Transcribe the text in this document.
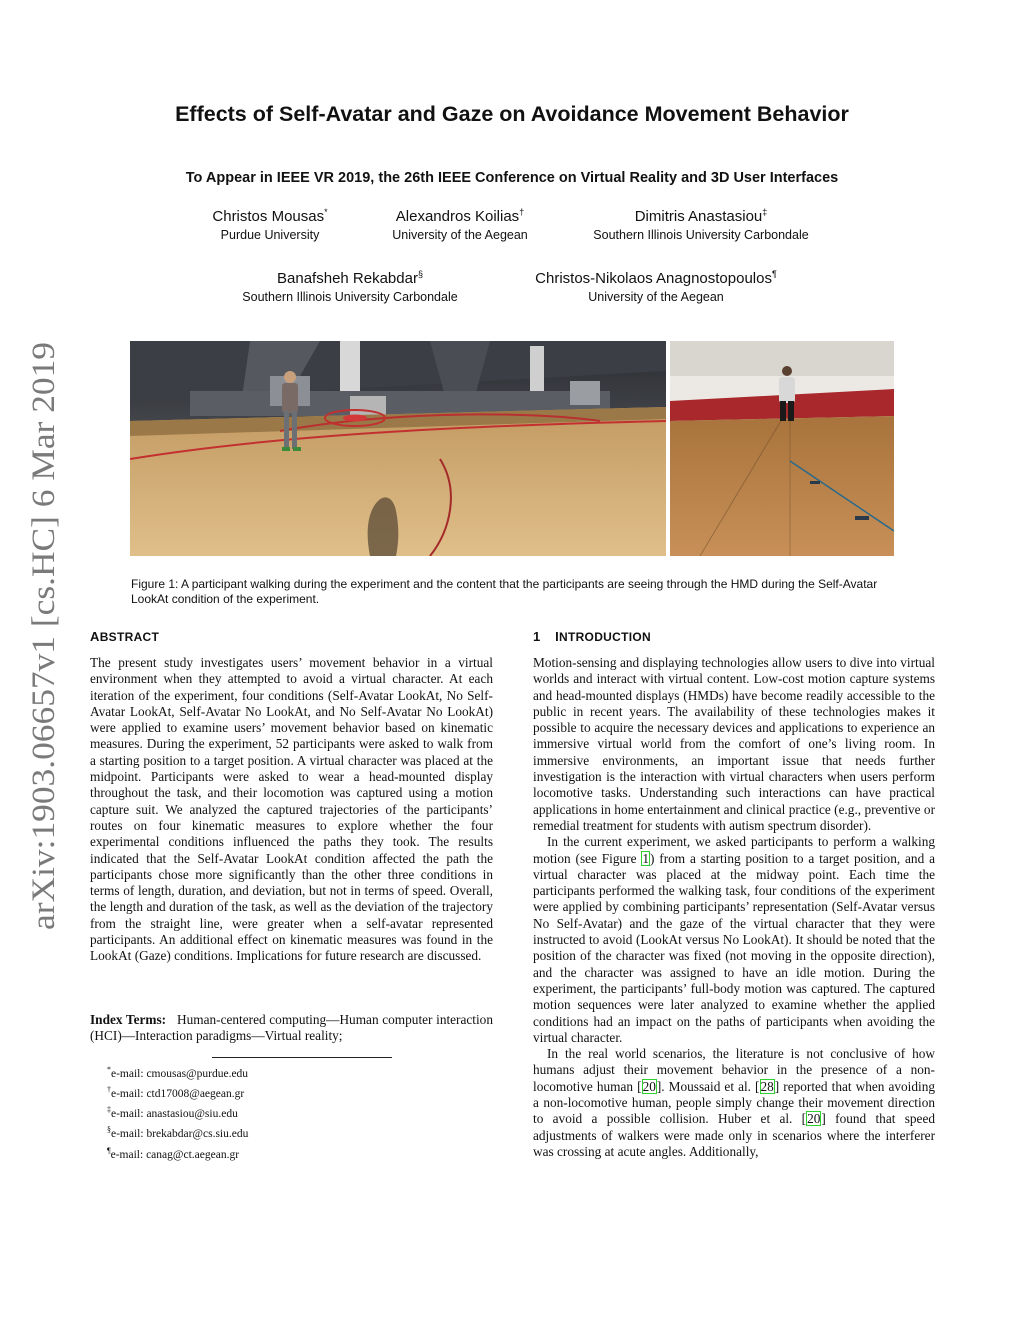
arXiv:1903.06657v1 [cs.HC] 6 Mar 2019
Effects of Self-Avatar and Gaze on Avoidance Movement Behavior
To Appear in IEEE VR 2019, the 26th IEEE Conference on Virtual Reality and 3D User Interfaces
Christos Mousas*
Purdue University
Alexandros Koilias†
University of the Aegean
Dimitris Anastasiou‡
Southern Illinois University Carbondale
Banafsheh Rekabdar§
Southern Illinois University Carbondale
Christos-Nikolaos Anagnostopoulos¶
University of the Aegean
Figure 1: A participant walking during the experiment and the content that the participants are seeing through the HMD during the Self-Avatar LookAt condition of the experiment.
ABSTRACT

The present study investigates users’ movement behavior in a virtual environment when they attempted to avoid a virtual character. At each iteration of the experiment, four conditions (Self-Avatar LookAt, No Self-Avatar LookAt, Self-Avatar No LookAt, and No Self-Avatar No LookAt) were applied to examine users’ movement behavior based on kinematic measures. During the experiment, 52 participants were asked to walk from a starting position to a target position. A virtual character was placed at the midpoint. Participants were asked to wear a head-mounted display throughout the task, and their locomotion was captured using a motion capture suit. We analyzed the captured trajectories of the participants’ routes on four kinematic measures to explore whether the four experimental conditions influenced the paths they took. The results indicated that the Self-Avatar LookAt condition affected the path the participants chose more significantly than the other three conditions in terms of length, duration, and deviation, but not in terms of speed. Overall, the length and duration of the task, as well as the deviation of the trajectory from the straight line, were greater when a self-avatar represented participants. An additional effect on kinematic measures was found in the LookAt (Gaze) conditions. Implications for future research are discussed.

Index Terms: Human-centered computing—Human computer interaction (HCI)—Interaction paradigms—Virtual reality;
*e-mail: cmousas@purdue.edu
†e-mail: ctd17008@aegean.gr
‡e-mail: anastasiou@siu.edu
§e-mail: brekabdar@cs.siu.edu
¶e-mail: canag@ct.aegean.gr
1 INTRODUCTION

Motion-sensing and displaying technologies allow users to dive into virtual worlds and interact with virtual content. Low-cost motion capture systems and head-mounted displays (HMDs) have become readily accessible to the public in recent years. The availability of these technologies makes it possible to acquire the necessary devices and applications to experience an immersive virtual world from the comfort of one’s living room. In immersive environments, an important issue that needs further investigation is the interaction with virtual characters when users perform locomotive tasks. Understanding such interactions can have practical applications in home entertainment and clinical practice (e.g., preventive or remedial treatment for students with autism spectrum disorder).

In the current experiment, we asked participants to perform a walking motion (see Figure 1) from a starting position to a target position, and a virtual character was placed at the midway point. Each time the participants performed the walking task, four conditions of the experiment were applied by combining participants’ representation (Self-Avatar versus No Self-Avatar) and the gaze of the virtual character that they were instructed to avoid (LookAt versus No LookAt). It should be noted that the position of the character was fixed (not moving in the opposite direction), and the character was assigned to have an idle motion. During the experiment, the participants’ full-body motion was captured. The captured motion sequences were later analyzed to examine whether the applied conditions had an impact on the paths of participants when avoiding the virtual character.

In the real world scenarios, the literature is not conclusive of how humans adjust their movement behavior in the presence of a non-locomotive human [20]. Moussaid et al. [28] reported that when avoiding a non-locomotive human, people simply change their movement direction to avoid a possible collision. Huber et al. [20] found that speed adjustments of walkers were made only in scenarios where the interferer was crossing at acute angles. Additionally,
